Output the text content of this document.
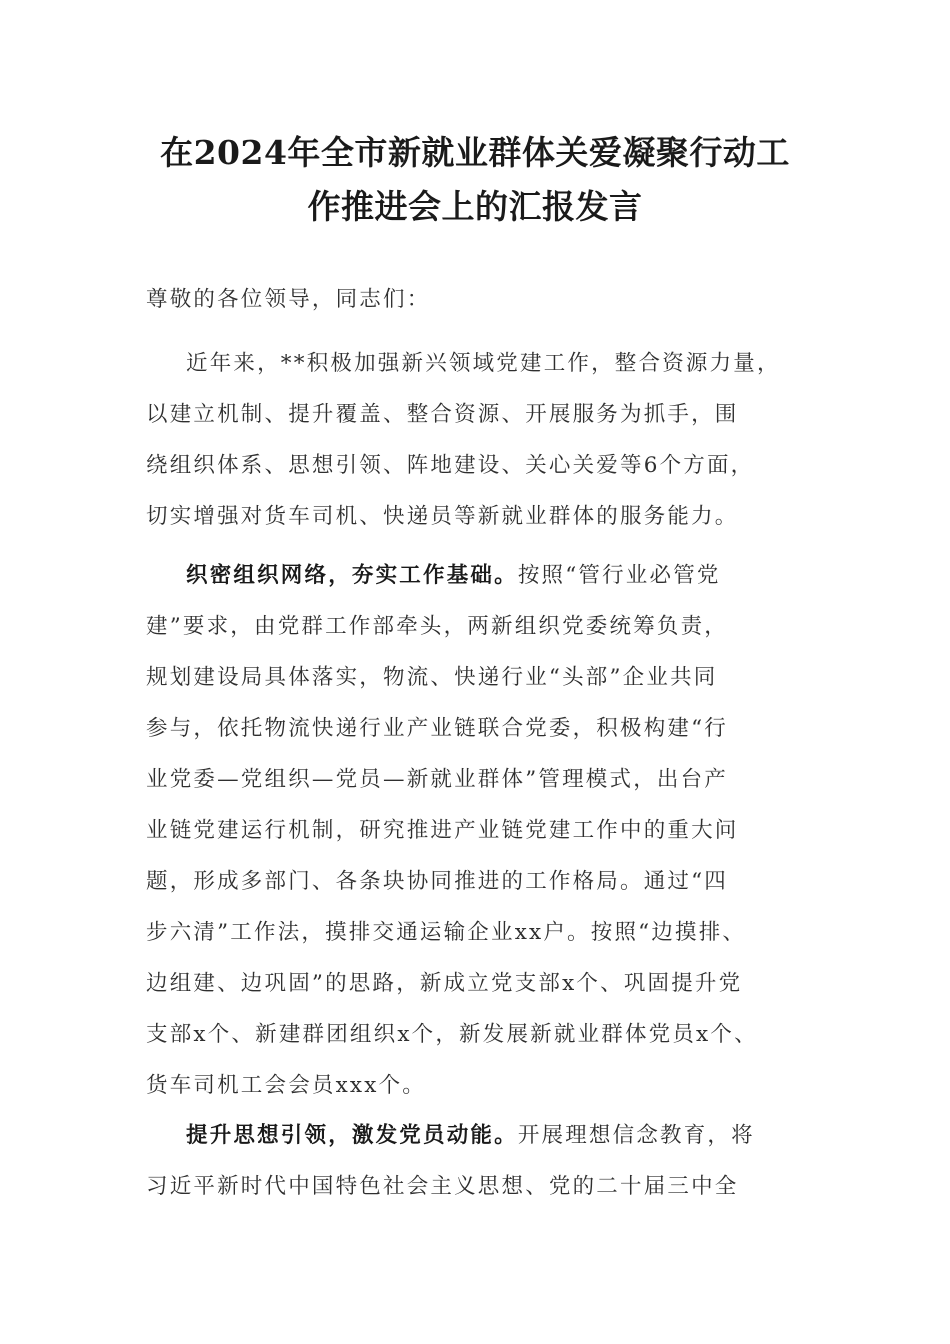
在2024年全市新就业群体关爱凝聚行动工
作推进会上的汇报发言
尊敬的各位领导，同志们：
近年来，**积极加强新兴领域党建工作，整合资源力量，
以建立机制、提升覆盖、整合资源、开展服务为抓手，围
绕组织体系、思想引领、阵地建设、关心关爱等6个方面，
切实增强对货车司机、快递员等新就业群体的服务能力。
织密组织网络，夯实工作基础。按照“管行业必管党
建”要求，由党群工作部牵头，两新组织党委统筹负责，
规划建设局具体落实，物流、快递行业“头部”企业共同
参与，依托物流快递行业产业链联合党委，积极构建“行
业党委—党组织—党员—新就业群体”管理模式，出台产
业链党建运行机制，研究推进产业链党建工作中的重大问
题，形成多部门、各条块协同推进的工作格局。通过“四
步六清”工作法，摸排交通运输企业xx户。按照“边摸排、
边组建、边巩固”的思路，新成立党支部x个、巩固提升党
支部x个、新建群团组织x个，新发展新就业群体党员x个、
货车司机工会会员xxx个。
提升思想引领，激发党员动能。开展理想信念教育，将
习近平新时代中国特色社会主义思想、党的二十届三中全
